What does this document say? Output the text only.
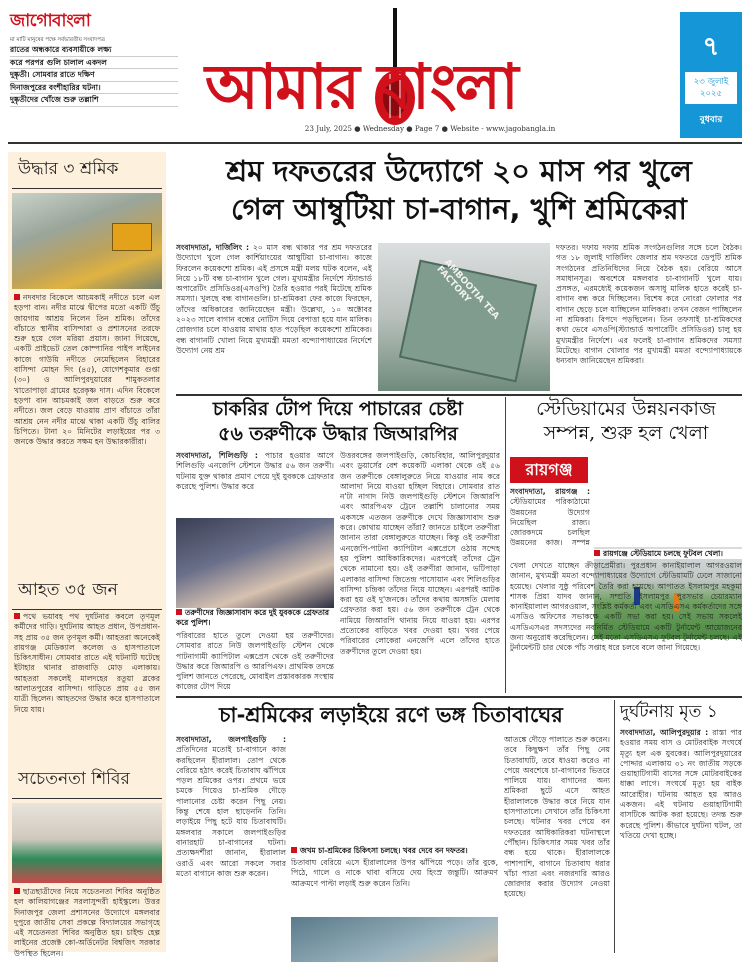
জাগোবাংলা
মা মাটি মানুষের পক্ষে সর্বভারতীয় সংবাদপত্র
রাতের অন্ধকারে ব্যবসায়ীকে লক্ষ্য
করে পরপর গুলি চালাল একদল
দুষ্কৃতী। সোমবার রাতে দক্ষিণ
দিনাজপুরের বংশীহারির ঘটনা।
দুষ্কৃতীদের খোঁজে শুরু তল্লাশি	আমার বাংলা
23 July, 2025 ● Wednesday ● Page 7 ● Website - www.jagobangla.in
৭
২৩ জুলাই ২০২৫
বুধবার
উদ্ধার ৩ শ্রমিক
নদবদার বিকেলে আচমকাই নদীতে চলে এল হড়পা বান। নদীর মাঝে দ্বীপের মতো একটি উঁচু জায়গায় আশ্রয় নিলেন তিন শ্রমিক। তাঁদের বাঁচাতে স্থানীয় বাসিন্দারা ও প্রশাসনের তরফে শুরু হয়ে গেল মরিয়া প্রয়াস। জানা গিয়েছে, একটি প্রাইভেট তেল কোম্পানির পাইপ লাইনের কাজে গাউয়ি নদীতে নেমেছিলেন বিহারের বাসিন্দা মোহন দিং (৪৫), যোগেশকুমার গুপ্তা (৩০) ও আলিপুরদুয়ারের শামুকতলার খাতোপাড়া গ্রামের হরেকৃষ্ণ দাস। এদিন বিকেলে হড়পা বান আচমকাই জল বাড়তে শুরু করে নদীতে। জল বেড়ে যাওয়ায় প্রাণ বাঁচাতে তাঁরা আশ্রয় নেন নদীর মাঝে থাকা একটি উঁচু বালির চিপিতে। টানা ২০ মিনিটের লড়াইয়ের পর ৩ জনকে উদ্ধার করতে সক্ষম হন উদ্ধারকারীরা।
আহত ৩৫ জন
পথে ভয়াবহ পথ দুর্ঘটনার কবলে তৃণমূল কর্মীদের গাড়ি। দুর্ঘটনায় আহত প্রধান, উপপ্রধান-সহ প্রায় ৩৫ জন তৃণমূল কর্মী। আহতরা অনেকেই রায়গঞ্জ মেডিক্যাল কলেজ ও হাসপাতালে চিকিৎসাধীন। সোমবার রাতে এই ঘটনাটি ঘটেছে ইটাহার থানার রাজবাড়ি মোড় এলাকায়। আহতরা সকলেই মালদহের রতুয়া ব্লকের আলাতপুরের বাসিন্দা। গাড়িতে প্রায় ৫৫ জন যাত্রী ছিলেন। আহতদের উদ্ধার করে হাসপাতালে নিয়ে যায়।
সচেতনতা শিবির
ছাত্রছাত্রীদের নিয়ে সচেতনতা শিবির অনুষ্ঠিত হল কালিয়াগঞ্জের সরলাসুন্দরী হাইস্কুলে। উত্তর দিনাজপুর জেলা প্রশাসনের উদ্যোগে মঙ্গলবার দুপুরে জাতীয় সেবা প্রকল্পে বিদ্যালয়ের সভাগৃহে এই সচেতনতা শিবির অনুষ্ঠিত হয়। চাইল্ড হেল্প লাইনের প্রজেক্ট কো-অর্ডিনেটর বিশ্বজিৎ সরকার উপস্থিত ছিলেন।
শ্রম দফতরের উদ্যোগে ২০ মাস পর খুলে
গেল আম্বুটিয়া চা-বাগান, খুশি শ্রমিকেরা
সংবাদদাতা, দার্জিলিং : ২০ মাস বন্ধ থাকার পর শ্রম দফতরের উদ্যোগে খুলে গেল কার্শিয়াংয়ের আম্বুটিয়া চা-বাগান। কাজে ফিরলেন কয়েকশো শ্রমিক। এই প্রসঙ্গে মন্ত্রী মলয় ঘটক বলেন, এই নিয়ে ১৮টি বন্ধ চা-বাগান খুলে গেল। মুখ্যমন্ত্রীর নির্দেশে স্ট্যান্ডার্ড অপারেটিং প্রসিডিওর(এসওপি) তৈরি হওয়ার পরই মিটেছে শ্রমিক সমস্যা। খুলছে বন্ধ বাগানগুলি। চা-শ্রমিকরা ফের কাজে ফিরছেন, তাঁদের অধিকারের জানিয়েছেন মন্ত্রী। উল্লেখ্য, ১০ অক্টোবর ২০২৩ সালে বাগান বন্ধের নোটিস দিয়ে বেপাত্তা হয়ে যান মালিক। রোজগার চলে যাওয়ায় মাথায় হাত পড়েছিল কয়েকশো শ্রমিকের। বন্ধ বাগানটি খোলা নিয়ে মুখ্যমন্ত্রী মমতা বন্দ্যোপাধ্যায়ের নির্দেশে উদ্যোগ নেয় শ্রম
AMBOOTIA TEA FACTORY
দফতর। দফায় দফায় শ্রমিক সংগঠনগুলির সঙ্গে চলে বৈঠক। গত ১৮ জুলাই দার্জিলিং জেলার শ্রম দফতরে ডেপুটি শ্রমিক সংগঠনের প্রতিনিধিদের নিয়ে বৈঠক হয়। বেরিয়ে আসে সমাধানসূত্র। অবশেষে মঙ্গলবার চা-বাগানটি খুলে যায়। প্রসঙ্গত, এরমধ্যেই কয়েকজন অসাধু মালিক হাতে করেই চা-বাগান বন্ধ করে দিচ্ছিলেন। বিশেষ করে নোংরা ফোলার পর বাগান ছেড়ে চলে যাচ্ছিলেন মালিকরা। তখন বেজন পাচ্ছিলেন না শ্রমিকরা। বিপদে পড়ছিলেন। তিন তফসাই চা-শ্রমিকদের কথা ভেবে এসওপি(স্ট্যান্ডার্ড অপারেটিং প্রসিডিওর) চালু হয় মুখ্যমন্ত্রীর নির্দেশে। এর ফলেই চা-বাগান শ্রমিকদের সমস্যা মিটেছে। বাগান খোলার পর মুখ্যমন্ত্রী মমতা বন্দ্যোপাধ্যায়কে ধন্যবাদ জানিয়েছেন শ্রমিকরা।
চাকরির টোপ দিয়ে পাচারের চেষ্টা
৫৬ তরুণীকে উদ্ধার জিআরপির
সংবাদদাতা, শিলিগুড়ি : পাচার হওয়ার আগে শিলিগুড়ি এনজেপি স্টেশনে উদ্ধার ৫৬ জন তরুণী। ঘটনায় যুক্ত থাকার প্রমাণ পেয়ে দুই যুবককে গ্রেফতার করেছে পুলিশ। উদ্ধার করে
তরুণীদের জিজ্ঞাসাবাদ করে দুই যুবককে গ্রেফতার করে পুলিশ।
পরিবারের হাতে তুলে দেওয়া হয় তরুণীদের। সোমবার রাতে নিউ জলপাইগুড়ি স্টেশন থেকে পাটনাগামী ক্যাপিটাল এক্সপ্রেস থেকে ওই তরুণীদের উদ্ধার করে জিআরপি ও আরপিএফ। প্রাথমিক তদন্তে পুলিশ জানতে পেরেছে, মোবাইল প্রস্তাবকারক সংস্থায় কাজের টোপ দিয়ে
উত্তরবঙ্গের জলপাইগুড়ি, কোচবিহার, আলিপুরদুয়ার এবং ডুয়ার্সের বেশ কয়েকটি এলাকা থেকে ওই ৫৬ জন তরুণীকে বেঙ্গালুরুতে নিয়ে যাওয়ার নাম করে আলাদা নিয়ে যাওয়া হচ্ছিল বিহারে। সোমবার রাত ন'টা নাগাদ নিউ জলপাইগুড়ি স্টেশনে জিআরপি এবং আরপিএফ ট্রেনে তল্লাশি চালানোর সময় একসঙ্গে এতজন তরুণীকে দেখে জিজ্ঞাসাবাদ শুরু করে। কোথায় যাচ্ছেন তাঁরা? জানতে চাইলে তরুণীরা জানান তারা বেঙ্গালুরুতে যাচ্ছেন। কিন্তু ওই তরুণীরা এনজেপি-পাটনা ক্যাপিটাল এক্সপ্রেসে ওঠায় সন্দেহ হয় পুলিশ আধিকারিকদের। এরপরেই তাঁদের ট্রেন থেকে নামানো হয়। ওই তরুণীরা জানান, ভটিপাড়া এলাকার বাসিন্দা জিতেন্দ্র পাসোয়ান এবং শিলিগুড়ির বাসিন্দা চন্দ্রিকা তাঁদের নিয়ে যাচ্ছেন। এরপরই আটক করা হয় ওই দু'জনকে। তাঁদের কথায় অসঙ্গতি মেলায় গ্রেফতার করা হয়। ৫৬ জন তরুণীকে ট্রেন থেকে নামিয়ে জিআরপি থানায় নিয়ে যাওয়া হয়। এরপর প্রত্যেকের বাড়িতে খবর দেওয়া হয়। খবর পেয়ে পরিবারের লোকেরা এনজেপি এলে তাঁদের হাতে তরুণীদের তুলে দেওয়া হয়।
স্টেডিয়ামের উন্নয়নকাজ
সম্পন্ন, শুরু হল খেলা
রায়গঞ্জ
সংবাদদাতা, রায়গঞ্জ : স্টেডিয়ামের পরিকাঠামো উন্নয়নের উদ্যোগ নিয়েছিল রাজ্য। জোরকদমে চলছিল উন্নয়নের কাজ। সম্পন্ন
রায়গঞ্জে স্টেডিয়ামে চলছে ফুটবল খেলা।
খেলা দেখতে যাচ্ছেন ক্রীড়াপ্রেমীরা। পুরপ্রধান কানাইয়ালাল আগরওয়াল জানান, মুখ্যমন্ত্রী মমতা বন্দ্যোপাধ্যায়ের উদ্যোগে স্টেডিয়ামটি ঢেলে সাজানো হয়েছে। খেলার সুষ্ঠু পরিবেশ তৈরি করা হয়েছে। আপাতত ইসলামপুর মহকুমা শাসক প্রিয়া যাদব জানান, সম্প্রতি ইসলামপুর পুরসভার চেয়ারম্যান কানাইয়ালাল আগরওয়াল, সংশ্লিষ্ট কর্মকর্তা এবং এসডিএসএ কর্মকর্তাদের সঙ্গে এসডিও অফিসের সভাকক্ষে একটি সভা করা হয়। সেই সভায় সকলেই এসডিএসএর সদস্যদের নবনির্মিত স্টেডিয়ামে একটি টুর্নামেন্ট আয়োজনের জন্য অনুরোধ করেছিলেন। সেই মতো এসডিএসএ ফুটবল টুর্নামেন্ট চলছে। এই টুর্নামেন্টটি চার থেকে পাঁচ সপ্তাহ ধরে চলবে বলে জানা গিয়েছে।
চা-শ্রমিকের লড়াইয়ে রণে ভঙ্গ চিতাবাঘের
সংবাদদাতা, জলপাইগুড়ি : প্রতিদিনের মতোই চা-বাগানে কাজ করছিলেন হীরালাল। তোপ থেকে বেরিয়ে হঠাৎ করেই চিতাবাঘ ঝাঁপিয়ে পড়ল শ্রমিকের ওপর। প্রথমে ভয়ে চমকে গিয়েও চা-শ্রমিক দৌড়ে পালানোর চেষ্টা করেন পিছু নেয়। কিন্তু শেষে হাল ছাড়েননি তিনি। লড়াইয়ে পিছু হটে যায় চিতাবাঘটি। মঙ্গলবার সকালে জলপাইগুড়ির বানারহাট চা-বাগানের ঘটনা। প্রত্যক্ষদর্শীরা জানান, হীরালাল ওরাওঁ এবং আরো সকলে সবার মতো বাগানে কাজ শুরু করেন।
জখম চা-শ্রমিকের চিকিৎসা চলছে। খবর দেবে বন দফতর।
চিতাবাঘ বেরিয়ে এসে হীরালালের উপর ঝাঁপিয়ে পড়ে। তাঁর বুকে, পিঠে, গালে ও নাকে থাবা বসিয়ে দেয় হিংস্র জন্তুটি। আক্রমণ আক্রমণে পাল্টা লড়াই শুরু করেন তিনি।
আতঙ্কে দৌড়ে পালাতে শুরু করেন। তবে কিছুক্ষণ তাঁর পিছু নেয় চিতাবাঘটি, তবে ধাওয়া করেও না পেয়ে অবশেষে চা-বাগানের ভিতরে পালিয়ে যায়। বাগানের অন্য শ্রমিকরা ছুটে এসে আহত হীরালালকে উদ্ধার করে নিয়ে যান হাসপাতালে। সেখানে তাঁর চিকিৎসা চলছে। ঘটনার খবর পেয়ে বন দফতরের আধিকারিকরা ঘটনাস্থলে পৌঁছান। চিকিৎসার সময় খবর তাঁর বন্ধ হয়ে থাকে। হীরালালকে পাশাপাশি, বাগানে চিতাবাঘ ধরার খাঁচা পাতা এবং নজরদারি আরও জোরদার করার উদ্যোগ নেওয়া হয়েছে।
দুর্ঘটনায় মৃত ১
সংবাদদাতা, আলিপুরদুয়ার : রাস্তা পার হওয়ার সময় বাস ও মোটরবাইক সংঘর্ষে মৃত্যু হল এক যুবকের। আলিপুরদুয়ারের পোদ্দার এলাকায় ৩১ নং জাতীয় সড়কে গুয়াহাটিগামী বাসের সঙ্গে মোটরবাইকের ধাক্কা লাগে। সংঘর্ষে মৃত্যু হয় বাইক আরোহীর। ঘটনায় আহত হয় আরও একজন। এই ঘটনায় গুয়াহাটিগামী বাসটিকে আটক করা হয়েছে। তদন্ত শুরু করেছে পুলিশ। কীভাবে দুর্ঘটনা ঘটল, তা খতিয়ে দেখা হচ্ছে।
